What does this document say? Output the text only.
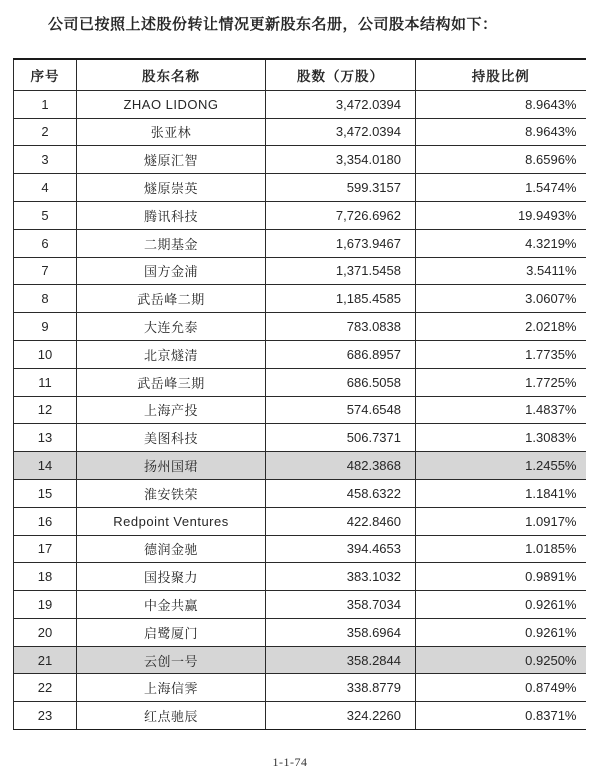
公司已按照上述股份转让情况更新股东名册，公司股本结构如下：
序号	股东名称	股数（万股）	持股比例
1	ZHAO LIDONG	3,472.0394	8.9643%
2	张亚林	3,472.0394	8.9643%
3	燧原汇智	3,354.0180	8.6596%
4	燧原崇英	599.3157	1.5474%
5	腾讯科技	7,726.6962	19.9493%
6	二期基金	1,673.9467	4.3219%
7	国方金浦	1,371.5458	3.5411%
8	武岳峰二期	1,185.4585	3.0607%
9	大连允泰	783.0838	2.0218%
10	北京燧清	686.8957	1.7735%
11	武岳峰三期	686.5058	1.7725%
12	上海产投	574.6548	1.4837%
13	美图科技	506.7371	1.3083%
14	扬州国珺	482.3868	1.2455%
15	淮安铁荣	458.6322	1.1841%
16	Redpoint Ventures	422.8460	1.0917%
17	德润金驰	394.4653	1.0185%
18	国投聚力	383.1032	0.9891%
19	中金共赢	358.7034	0.9261%
20	启鹭厦门	358.6964	0.9261%
21	云创一号	358.2844	0.9250%
22	上海信霁	338.8779	0.8749%
23	红点驰辰	324.2260	0.8371%
1-1-74
